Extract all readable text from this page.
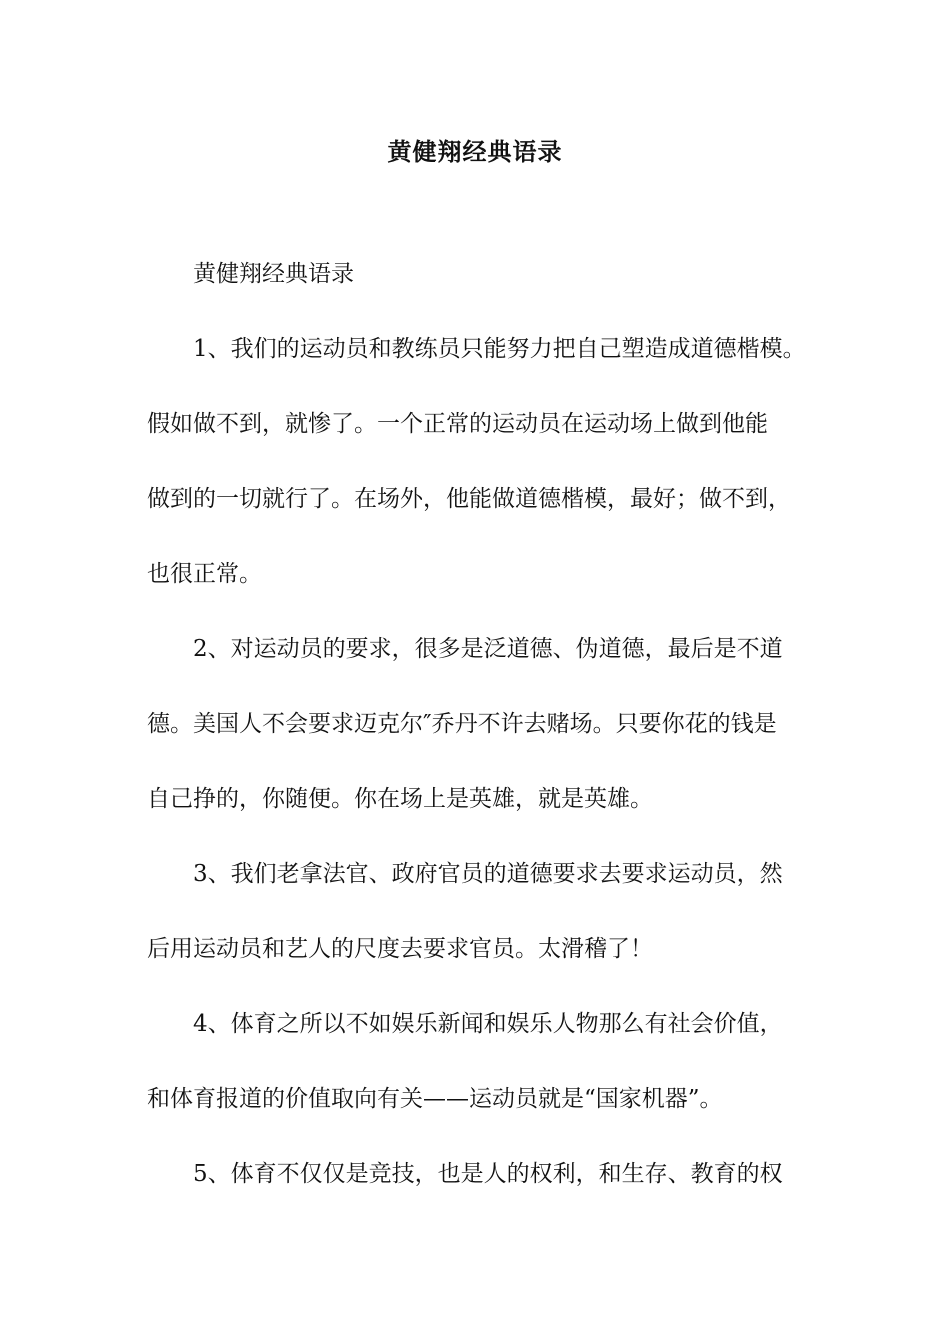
黄健翔经典语录
黄健翔经典语录
1、我们的运动员和教练员只能努力把自己塑造成道德楷模。
假如做不到，就惨了。一个正常的运动员在运动场上做到他能
做到的一切就行了。在场外，他能做道德楷模，最好；做不到，
也很正常。
2、对运动员的要求，很多是泛道德、伪道德，最后是不道
德。美国人不会要求迈克尔″乔丹不许去赌场。只要你花的钱是
自己挣的，你随便。你在场上是英雄，就是英雄。
3、我们老拿法官、政府官员的道德要求去要求运动员，然
后用运动员和艺人的尺度去要求官员。太滑稽了！
4、体育之所以不如娱乐新闻和娱乐人物那么有社会价值，
和体育报道的价值取向有关——运动员就是“国家机器”。
5、体育不仅仅是竞技，也是人的权利，和生存、教育的权
